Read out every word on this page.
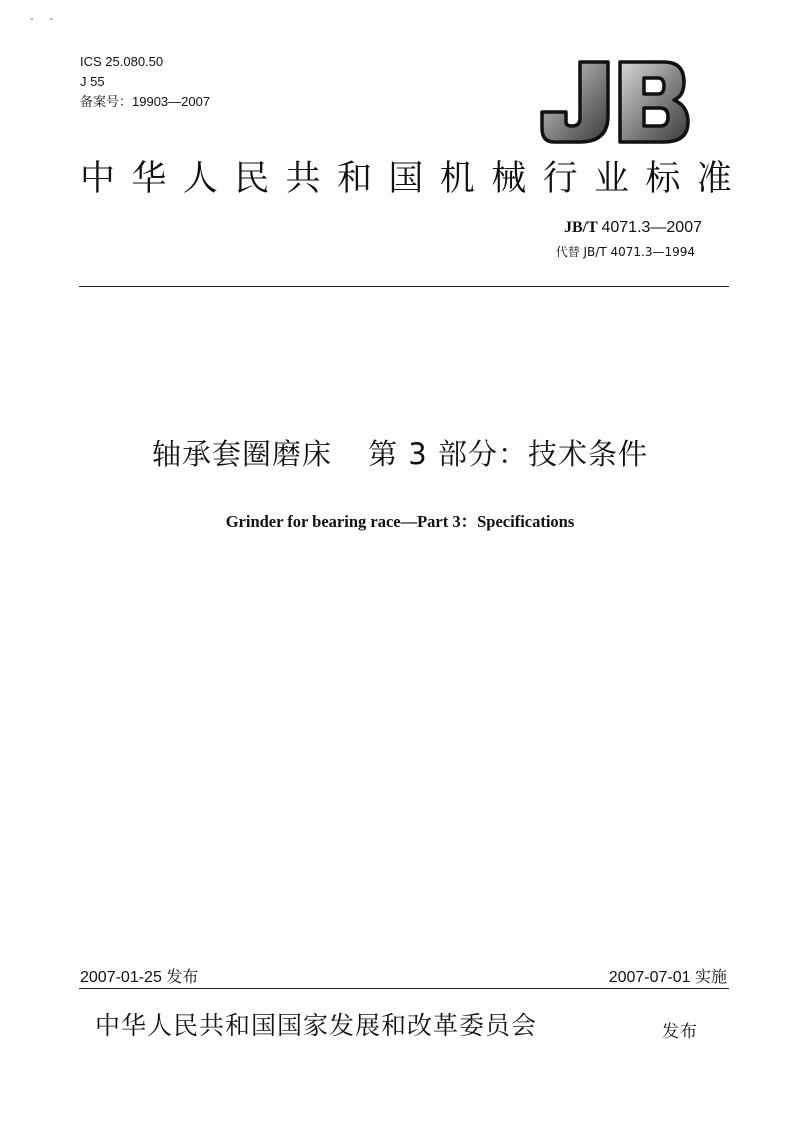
-     -
ICS 25.080.50
J 55
备案号：19903—2007
JB
中华人民共和国机械行业标准
JB/T 4071.3—2007
代替 JB/T 4071.3—1994
轴承套圈磨床 第 3 部分：技术条件
Grinder for bearing race—Part 3：Specifications
2007-01-25 发布	2007-07-01 实施
中华人民共和国国家发展和改革委员会	发布
